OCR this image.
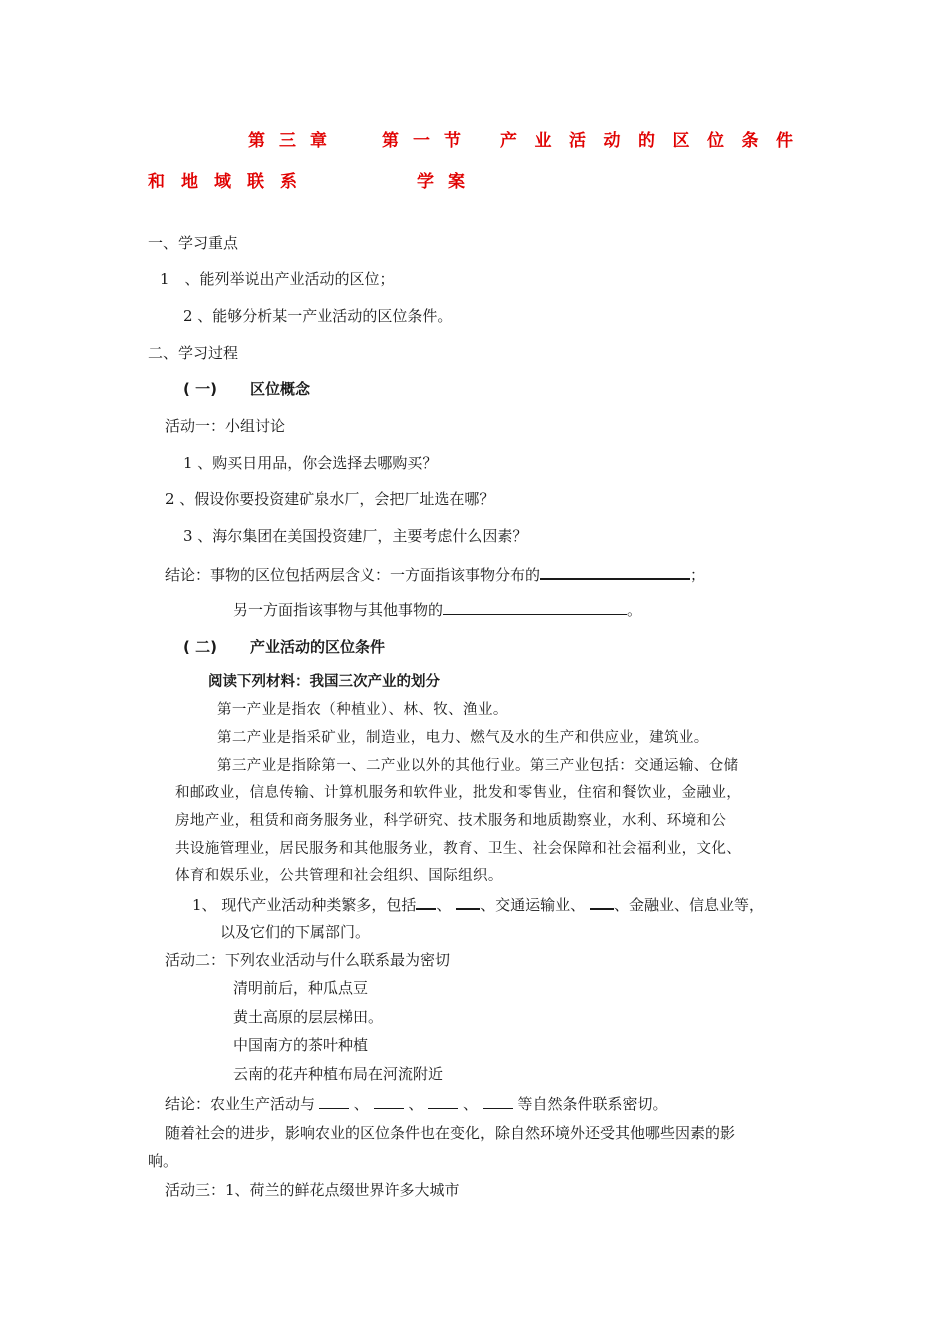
第三章 第一节 产业活动的区位条件
和地域联系	学案
一、学习重点
1　、能列举说出产业活动的区位；
2 、能够分析某一产业活动的区位条件。
二、学习过程
( 一) 区位概念
活动一：小组讨论
1 、购买日用品，你会选择去哪购买？
2 、假设你要投资建矿泉水厂，会把厂址选在哪？
3 、海尔集团在美国投资建厂，主要考虑什么因素？
结论：事物的区位包括两层含义：一方面指该事物分布的	；
另一方面指该事物与其他事物的	。
( 二) 产业活动的区位条件
阅读下列材料：我国三次产业的划分
第一产业是指农（种植业）、林、牧、渔业。
第二产业是指采矿业，制造业，电力、燃气及水的生产和供应业，建筑业。
第三产业是指除第一、二产业以外的其他行业。第三产业包括：交通运输、仓储
和邮政业，信息传输、计算机服务和软件业，批发和零售业，住宿和餐饮业，金融业，
房地产业，租赁和商务服务业，科学研究、技术服务和地质勘察业，水利、环境和公
共设施管理业，居民服务和其他服务业，教育、卫生、社会保障和社会福利业，文化、
体育和娱乐业，公共管理和社会组织、国际组织。
1、 现代产业活动种类繁多，包括 、 、交通运输业、 、金融业、信息业等，
以及它们的下属部门。
活动二：下列农业活动与什么联系最为密切
清明前后，种瓜点豆
黄土高原的层层梯田。
中国南方的茶叶种植
云南的花卉种植布局在河流附近
结论：农业生产活动与	、	、	、	等自然条件联系密切。
随着社会的进步，影响农业的区位条件也在变化，除自然环境外还受其他哪些因素的影
响。
活动三：1、荷兰的鲜花点缀世界许多大城市
